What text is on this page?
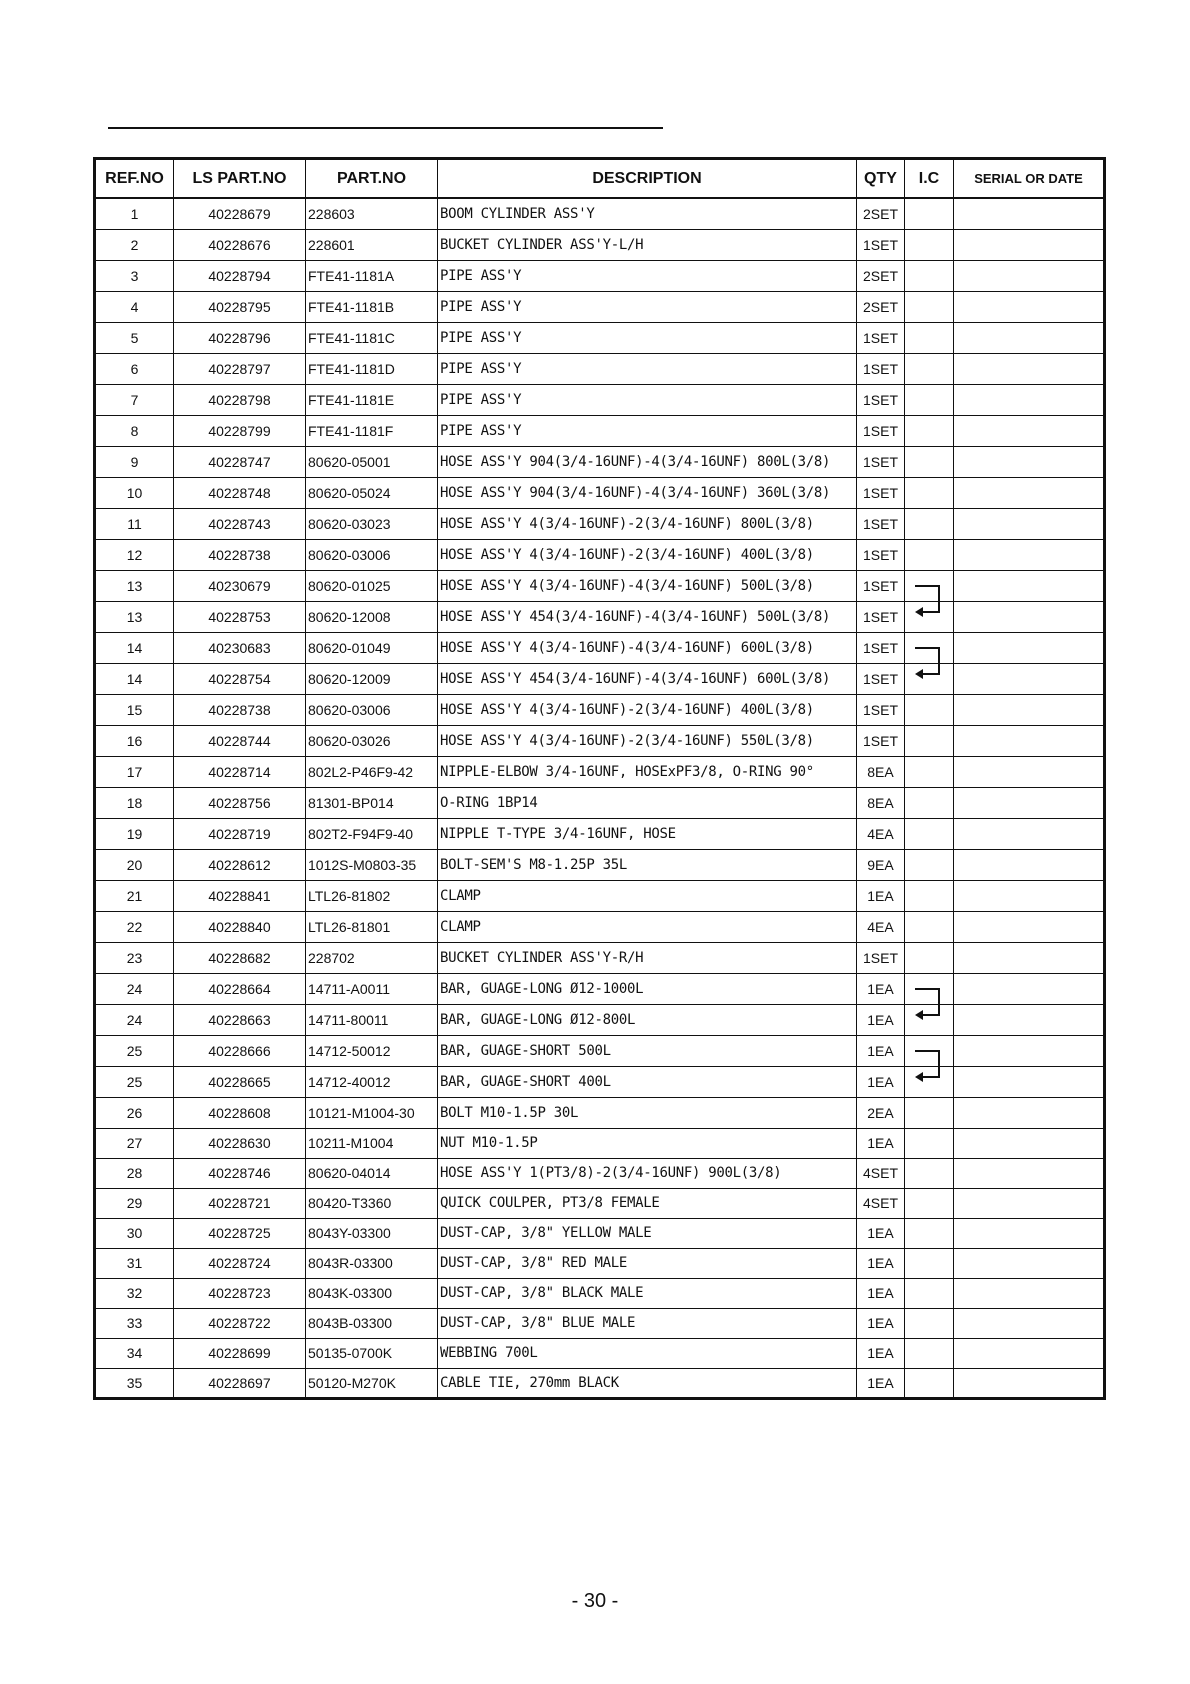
REF.NO	LS PART.NO	PART.NO	DESCRIPTION	QTY	I.C	SERIAL OR DATE
1	40228679	228603	BOOM CYLINDER ASS'Y	2SET		
2	40228676	228601	BUCKET CYLINDER ASS'Y-L/H	1SET		
3	40228794	FTE41-1181A	PIPE ASS'Y	2SET		
4	40228795	FTE41-1181B	PIPE ASS'Y	2SET		
5	40228796	FTE41-1181C	PIPE ASS'Y	1SET		
6	40228797	FTE41-1181D	PIPE ASS'Y	1SET		
7	40228798	FTE41-1181E	PIPE ASS'Y	1SET		
8	40228799	FTE41-1181F	PIPE ASS'Y	1SET		
9	40228747	80620-05001	HOSE ASS'Y 904(3/4-16UNF)-4(3/4-16UNF) 800L(3/8)	1SET		
10	40228748	80620-05024	HOSE ASS'Y 904(3/4-16UNF)-4(3/4-16UNF) 360L(3/8)	1SET		
11	40228743	80620-03023	HOSE ASS'Y 4(3/4-16UNF)-2(3/4-16UNF) 800L(3/8)	1SET		
12	40228738	80620-03006	HOSE ASS'Y 4(3/4-16UNF)-2(3/4-16UNF) 400L(3/8)	1SET		
13	40230679	80620-01025	HOSE ASS'Y 4(3/4-16UNF)-4(3/4-16UNF) 500L(3/8)	1SET	

13	40228753	80620-12008	HOSE ASS'Y 454(3/4-16UNF)-4(3/4-16UNF) 500L(3/8)	1SET	

14	40230683	80620-01049	HOSE ASS'Y 4(3/4-16UNF)-4(3/4-16UNF) 600L(3/8)	1SET	

14	40228754	80620-12009	HOSE ASS'Y 454(3/4-16UNF)-4(3/4-16UNF) 600L(3/8)	1SET	

15	40228738	80620-03006	HOSE ASS'Y 4(3/4-16UNF)-2(3/4-16UNF) 400L(3/8)	1SET		
16	40228744	80620-03026	HOSE ASS'Y 4(3/4-16UNF)-2(3/4-16UNF) 550L(3/8)	1SET		
17	40228714	802L2-P46F9-42	NIPPLE-ELBOW 3/4-16UNF, HOSExPF3/8, O-RING 90°	8EA		
18	40228756	81301-BP014	O-RING 1BP14	8EA		
19	40228719	802T2-F94F9-40	NIPPLE T-TYPE 3/4-16UNF, HOSE	4EA		
20	40228612	1012S-M0803-35	BOLT-SEM'S M8-1.25P 35L	9EA		
21	40228841	LTL26-81802	CLAMP	1EA		
22	40228840	LTL26-81801	CLAMP	4EA		
23	40228682	228702	BUCKET CYLINDER ASS'Y-R/H	1SET		
24	40228664	14711-A0011	BAR, GUAGE-LONG Ø12-1000L	1EA	

24	40228663	14711-80011	BAR, GUAGE-LONG Ø12-800L	1EA	

25	40228666	14712-50012	BAR, GUAGE-SHORT 500L	1EA	

25	40228665	14712-40012	BAR, GUAGE-SHORT 400L	1EA	

26	40228608	10121-M1004-30	BOLT M10-1.5P 30L	2EA		
27	40228630	10211-M1004	NUT M10-1.5P	1EA		
28	40228746	80620-04014	HOSE ASS'Y 1(PT3/8)-2(3/4-16UNF) 900L(3/8)	4SET		
29	40228721	80420-T3360	QUICK COULPER, PT3/8 FEMALE	4SET		
30	40228725	8043Y-03300	DUST-CAP, 3/8" YELLOW MALE	1EA		
31	40228724	8043R-03300	DUST-CAP, 3/8" RED MALE	1EA		
32	40228723	8043K-03300	DUST-CAP, 3/8" BLACK MALE	1EA		
33	40228722	8043B-03300	DUST-CAP, 3/8" BLUE MALE	1EA		
34	40228699	50135-0700K	WEBBING 700L	1EA		
35	40228697	50120-M270K	CABLE TIE, 270mm BLACK	1EA		
- 30 -
